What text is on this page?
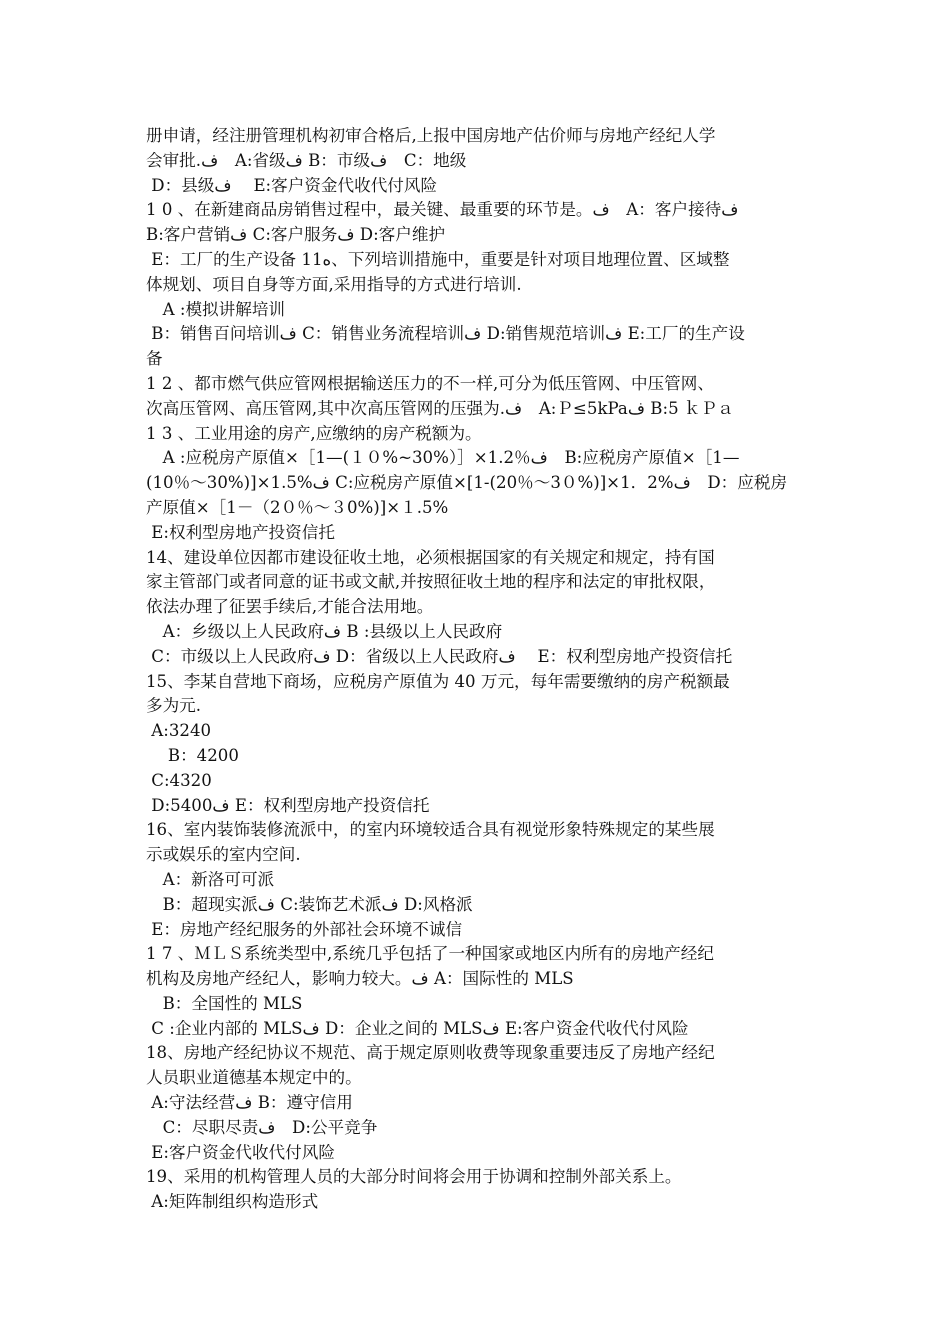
册申请，经注册管理机构初审合格后,上报中国房地产估价师与房地产经纪人学
会审批.ف　A:省级ف B：市级ف　C：地级
D：县级ف　 E:客户资金代收代付风险
1 0 、在新建商品房销售过程中，最关键、最重要的环节是。ف　A：客户接待ف
B:客户营销ف C:客户服务ف D:客户维护
E：工厂的生产设备 11ه、下列培训措施中，重要是针对项目地理位置、区域整
体规划、项目自身等方面,采用指导的方式进行培训.
　A :模拟讲解培训
B：销售百问培训ف C：销售业务流程培训ف D:销售规范培训ف E:工厂的生产设
备
1 2 、都市燃气供应管网根据输送压力的不一样,可分为低压管网、中压管网、
次高压管网、高压管网,其中次高压管网的压强为.ف　A:Ｐ≤5kPaف B:5 ｋＰａ
1 3 、工业用途的房产,应缴纳的房产税额为。
　A :应税房产原值×［1—(１０%~30%）］×1.2％ف　B:应税房产原值×［1—
(10％～30%)]×1.5%ف C:应税房产原值×[1-(20％～3０%)]×1．2%ف　D：应税房
产原值×［1－（2０％～３0%)]×１.5%
E:权利型房地产投资信托
14、建设单位因都市建设征收土地，必须根据国家的有关规定和规定，持有国
家主管部门或者同意的证书或文献,并按照征收土地的程序和法定的审批权限，
依法办理了征罢手续后,才能合法用地。
　A：乡级以上人民政府ف B :县级以上人民政府
C：市级以上人民政府ف D：省级以上人民政府ف　 E：权利型房地产投资信托
15、李某自营地下商场，应税房产原值为 40 万元，每年需要缴纳的房产税额最
多为元.
A:3240
　B：4200
C:4320
D:5400ف E：权利型房地产投资信托
16、室内装饰装修流派中，的室内环境较适合具有视觉形象特殊规定的某些展
示或娱乐的室内空间.
　A：新洛可可派
　B：超现实派ف C:装饰艺术派ف D:风格派
E：房地产经纪服务的外部社会环境不诚信
1 7 、ＭＬＳ系统类型中,系统几乎包括了一种国家或地区内所有的房地产经纪
机构及房地产经纪人，影响力较大。ف A：国际性的 MLS
　B：全国性的 MLS
C :企业内部的 MLSف D：企业之间的 MLSف E:客户资金代收代付风险
18、房地产经纪协议不规范、高于规定原则收费等现象重要违反了房地产经纪
人员职业道德基本规定中的。
A:守法经营ف B：遵守信用
　C：尽职尽责ف　D:公平竞争
E:客户资金代收代付风险
19、采用的机构管理人员的大部分时间将会用于协调和控制外部关系上。
A:矩阵制组织构造形式
